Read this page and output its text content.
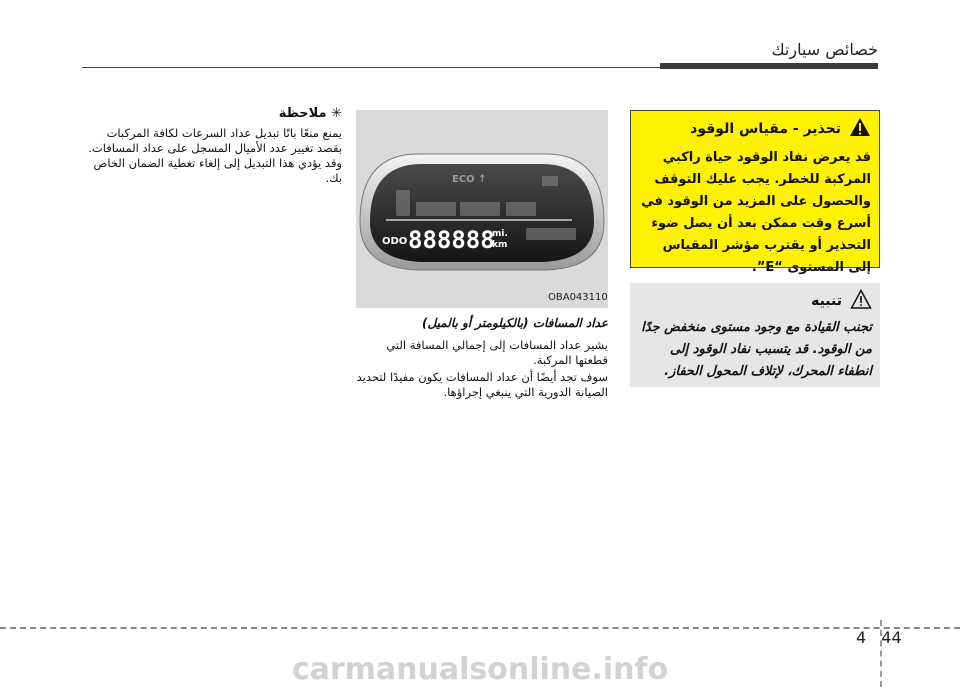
خصائص سيارتك
تحذير - مقياس الوقود
قد يعرض نفاد الوقود حياة راكبي المركبة للخطر. يجب عليك التوقف والحصول على المزيد من الوقود في أسرع وقت ممكن بعد أن يصل ضوء التحذير أو يقترب مؤشر المقياس إلى المستوى “E”.
تنبيه
تجنب القيادة مع وجود مستوى منخفض جدًا من الوقود. قد يتسبب نفاد الوقود إلى انطفاء المحرك، لإتلاف المحول الحفاز.
ECO ↑
ODO 888888
mi.
km
OBA043110
عداد المسافات (بالكيلومتر أو بالميل)
يشير عداد المسافات إلى إجمالي المسافة التي قطعتها المركبة.
سوف تجد أيضًا أن عداد المسافات يكون مفيدًا لتحديد الصيانة الدورية التي ينبغي إجراؤها.
✳ ملاحظة
يمنع منعًا باتًا تبديل عداد السرعات لكافة المركبات بقصد تغيير عدد الأميال المسجل على عداد المسافات. وقد يؤدي هذا التبديل إلى إلغاء تغطية الضمان الخاص بك.
4 44
carmanualsonline.info
